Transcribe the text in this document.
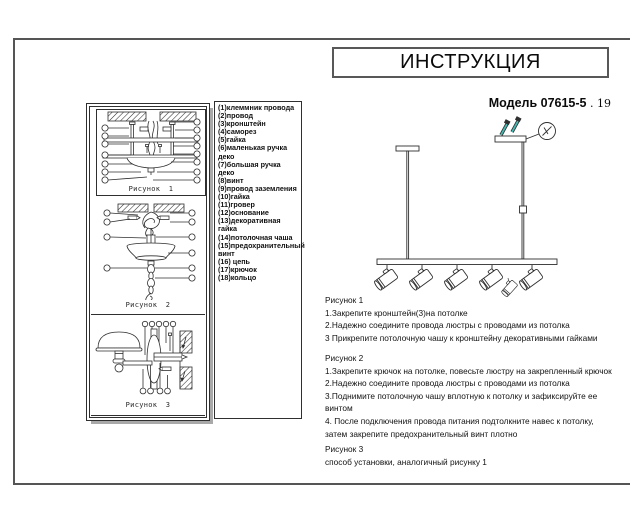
ИНСТРУКЦИЯ
Модель 07615-5 . 19
Рисунок 1
Рисунок 2
Рисунок 3
(1)клеммник провода
(2)провод
(3)кронштейн
(4)саморез
(5)гайка
(6)маленькая ручка деко
(7)большая ручка деко
(8)винт
(9)провод заземления
(10)гайка
(11)гровер
(12)основание
(13)декоративная гайка
(14)потолочная чаша
(15)предохранительный винт
(16) цепь
(17)крючок
(18)кольцо
Рисунок 1
1.Закрепите кронштейн(3)на потолке
2.Надежно соедините провода люстры с проводами из потолка
3 Прикрепите потолочную чашу к кронштейну декоративными гайками
Рисунок 2
1.Закрепите крючок на потолке, повесьте люстру на закрепленный крючок
2.Надежно соедините провода люстры с проводами из потолка
3.Поднимите потолочную чашу вплотную к потолку и зафиксируйте ее
винтом
4. После подключения провода питания подтолкните навес к потолку,
затем закрепите предохранительный винт плотно
Рисунок 3
способ установки, аналогичный рисунку 1
